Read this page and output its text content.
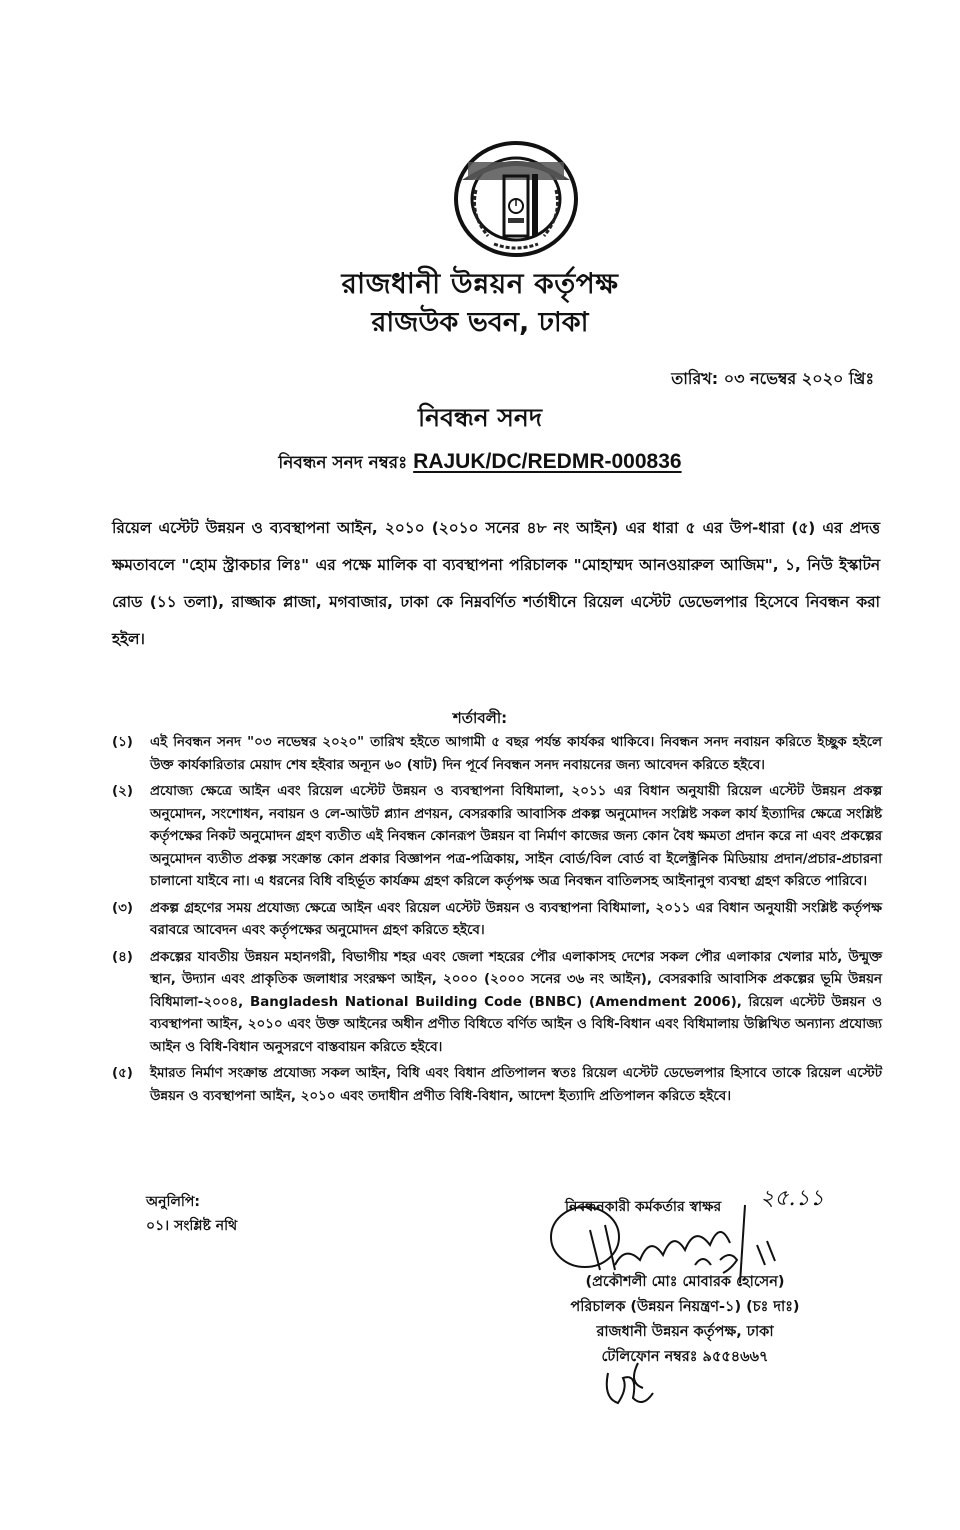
রাজধানী উন্নয়ন কর্তৃপক্ষ
রাজউক ভবন, ঢাকা
তারিখ: ০৩ নভেম্বর ২০২০ খ্রিঃ
নিবন্ধন সনদ
নিবন্ধন সনদ নম্বরঃ RAJUK/DC/REDMR-000836
রিয়েল এস্টেট উন্নয়ন ও ব্যবস্থাপনা আইন, ২০১০ (২০১০ সনের ৪৮ নং আইন) এর ধারা ৫ এর উপ-ধারা (৫) এর প্রদত্ত ক্ষমতাবলে "হোম স্ট্রাকচার লিঃ" এর পক্ষে মালিক বা ব্যবস্থাপনা পরিচালক "মোহাম্মদ আনওয়ারুল আজিম", ১, নিউ ইস্কাটন রোড (১১ তলা), রাজ্জাক প্লাজা, মগবাজার, ঢাকা কে নিম্নবর্ণিত শর্তাধীনে রিয়েল এস্টেট ডেভেলপার হিসেবে নিবন্ধন করা হইল।
শর্তাবলী:
(১) এই নিবন্ধন সনদ "০৩ নভেম্বর ২০২০" তারিখ হইতে আগামী ৫ বছর পর্যন্ত কার্যকর থাকিবে। নিবন্ধন সনদ নবায়ন করিতে ইচ্ছুক হইলে উক্ত কার্যকারিতার মেয়াদ শেষ হইবার অন্যূন ৬০ (ষাট) দিন পূর্বে নিবন্ধন সনদ নবায়নের জন্য আবেদন করিতে হইবে।
(২) প্রযোজ্য ক্ষেত্রে আইন এবং রিয়েল এস্টেট উন্নয়ন ও ব্যবস্থাপনা বিধিমালা, ২০১১ এর বিধান অনুযায়ী রিয়েল এস্টেট উন্নয়ন প্রকল্প অনুমোদন, সংশোধন, নবায়ন ও লে-আউট প্ল্যান প্রণয়ন, বেসরকারি আবাসিক প্রকল্প অনুমোদন সংশ্লিষ্ট সকল কার্য ইত্যাদির ক্ষেত্রে সংশ্লিষ্ট কর্তৃপক্ষের নিকট অনুমোদন গ্রহণ ব্যতীত এই নিবন্ধন কোনরূপ উন্নয়ন বা নির্মাণ কাজের জন্য কোন বৈধ ক্ষমতা প্রদান করে না এবং প্রকল্পের অনুমোদন ব্যতীত প্রকল্প সংক্রান্ত কোন প্রকার বিজ্ঞাপন পত্র-পত্রিকায়, সাইন বোর্ড/বিল বোর্ড বা ইলেক্ট্রনিক মিডিয়ায় প্রদান/প্রচার-প্রচারনা চালানো যাইবে না। এ ধরনের বিধি বহির্ভূত কার্যক্রম গ্রহণ করিলে কর্তৃপক্ষ অত্র নিবন্ধন বাতিলসহ আইনানুগ ব্যবস্থা গ্রহণ করিতে পারিবে।
(৩) প্রকল্প গ্রহণের সময় প্রযোজ্য ক্ষেত্রে আইন এবং রিয়েল এস্টেট উন্নয়ন ও ব্যবস্থাপনা বিধিমালা, ২০১১ এর বিধান অনুযায়ী সংশ্লিষ্ট কর্তৃপক্ষ বরাবরে আবেদন এবং কর্তৃপক্ষের অনুমোদন গ্রহণ করিতে হইবে।
(৪) প্রকল্পের যাবতীয় উন্নয়ন মহানগরী, বিভাগীয় শহর এবং জেলা শহরের পৌর এলাকাসহ দেশের সকল পৌর এলাকার খেলার মাঠ, উন্মুক্ত স্থান, উদ্যান এবং প্রাকৃতিক জলাধার সংরক্ষণ আইন, ২০০০ (২০০০ সনের ৩৬ নং আইন), বেসরকারি আবাসিক প্রকল্পের ভূমি উন্নয়ন বিধিমালা-২০০৪, Bangladesh National Building Code (BNBC) (Amendment 2006), রিয়েল এস্টেট উন্নয়ন ও ব্যবস্থাপনা আইন, ২০১০ এবং উক্ত আইনের অধীন প্রণীত বিধিতে বর্ণিত আইন ও বিধি-বিধান এবং বিধিমালায় উল্লিখিত অন্যান্য প্রযোজ্য আইন ও বিধি-বিধান অনুসরণে বাস্তবায়ন করিতে হইবে।
(৫) ইমারত নির্মাণ সংক্রান্ত প্রযোজ্য সকল আইন, বিধি এবং বিধান প্রতিপালন স্বতঃ রিয়েল এস্টেট ডেভেলপার হিসাবে তাকে রিয়েল এস্টেট উন্নয়ন ও ব্যবস্থাপনা আইন, ২০১০ এবং তদাধীন প্রণীত বিধি-বিধান, আদেশ ইত্যাদি প্রতিপালন করিতে হইবে।
অনুলিপি:
০১। সংশ্লিষ্ট নথি
নিবন্ধনকারী কর্মকর্তার স্বাক্ষর ২৫.১১
(প্রকৌশলী মোঃ মোবারক হোসেন)
পরিচালক (উন্নয়ন নিয়ন্ত্রণ-১) (চঃ দাঃ)
রাজধানী উন্নয়ন কর্তৃপক্ষ, ঢাকা
টেলিফোন নম্বরঃ ৯৫৫৪৬৬৭
